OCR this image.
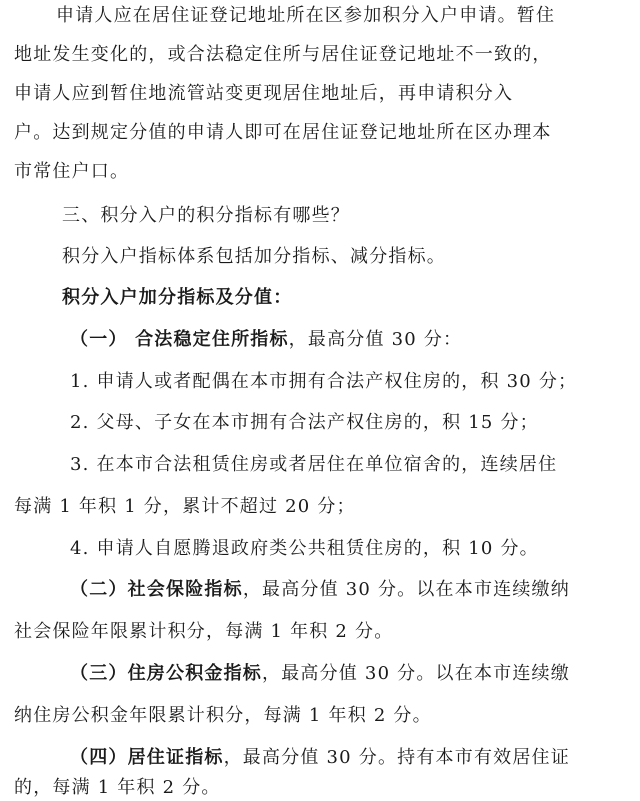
申请人应在居住证登记地址所在区参加积分入户申请。暂住
地址发生变化的，或合法稳定住所与居住证登记地址不一致的，
申请人应到暂住地流管站变更现居住地址后，再申请积分入
户。达到规定分值的申请人即可在居住证登记地址所在区办理本
市常住户口。
三、积分入户的积分指标有哪些？
积分入户指标体系包括加分指标、减分指标。
积分入户加分指标及分值：
（一） 合法稳定住所指标，最高分值 30 分：
1. 申请人或者配偶在本市拥有合法产权住房的，积 30 分；
2. 父母、子女在本市拥有合法产权住房的，积 15 分；
3. 在本市合法租赁住房或者居住在单位宿舍的，连续居住
每满 1 年积 1 分，累计不超过 20 分；
4. 申请人自愿腾退政府类公共租赁住房的，积 10 分。
（二）社会保险指标，最高分值 30 分。以在本市连续缴纳
社会保险年限累计积分，每满 1 年积 2 分。
（三）住房公积金指标，最高分值 30 分。以在本市连续缴
纳住房公积金年限累计积分，每满 1 年积 2 分。
（四）居住证指标，最高分值 30 分。持有本市有效居住证
的，每满 1 年积 2 分。
